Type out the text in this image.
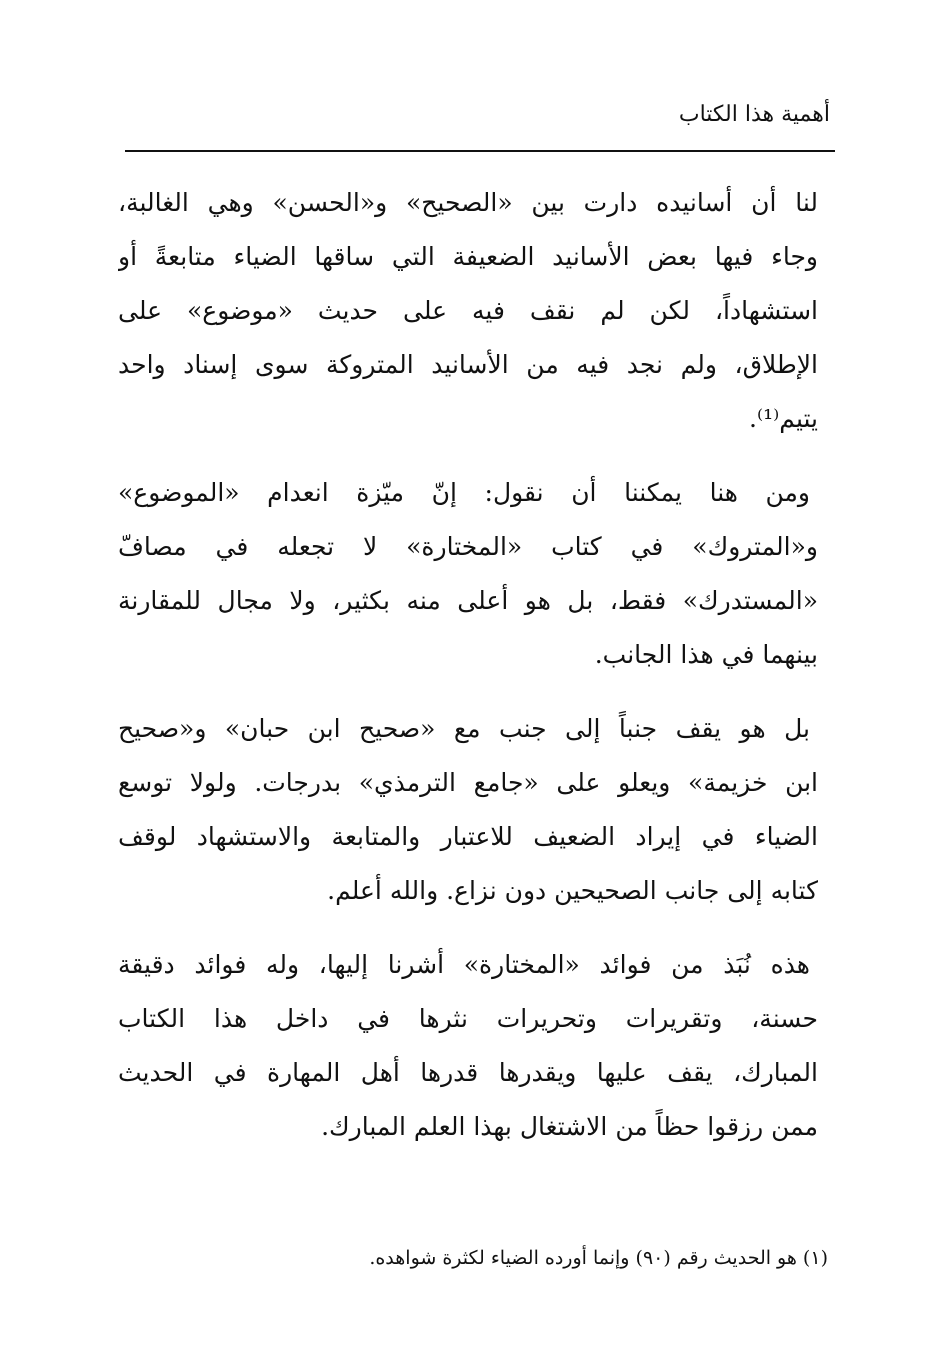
أهمية هذا الكتاب
لنا أن أسانيده دارت بين «الصحيح» و«الحسن» وهي الغالبة،
وجاء فيها بعض الأسانيد الضعيفة التي ساقها الضياء متابعةً أو
استشهاداً، لكن لم نقف فيه على حديث «موضوع» على
الإطلاق، ولم نجد فيه من الأسانيد المتروكة سوى إسناد واحد
يتيم⁽¹⁾.
ومن هنا يمكننا أن نقول: إنّ ميّزة انعدام «الموضوع»
و«المتروك» في كتاب «المختارة» لا تجعله في مصافّ
«المستدرك» فقط، بل هو أعلى منه بكثير، ولا مجال للمقارنة
بينهما في هذا الجانب.
بل هو يقف جنباً إلى جنب مع «صحيح ابن حبان» و«صحيح
ابن خزيمة» ويعلو على «جامع الترمذي» بدرجات. ولولا توسع
الضياء في إيراد الضعيف للاعتبار والمتابعة والاستشهاد لوقف
كتابه إلى جانب الصحيحين دون نزاع. والله أعلم.
هذه نُبَذ من فوائد «المختارة» أشرنا إليها، وله فوائد دقيقة
حسنة، وتقريرات وتحريرات نثرها في داخل هذا الكتاب
المبارك، يقف عليها ويقدرها قدرها أهل المهارة في الحديث
ممن رزقوا حظاً من الاشتغال بهذا العلم المبارك.
(١) هو الحديث رقم (٩٠) وإنما أورده الضياء لكثرة شواهده.
